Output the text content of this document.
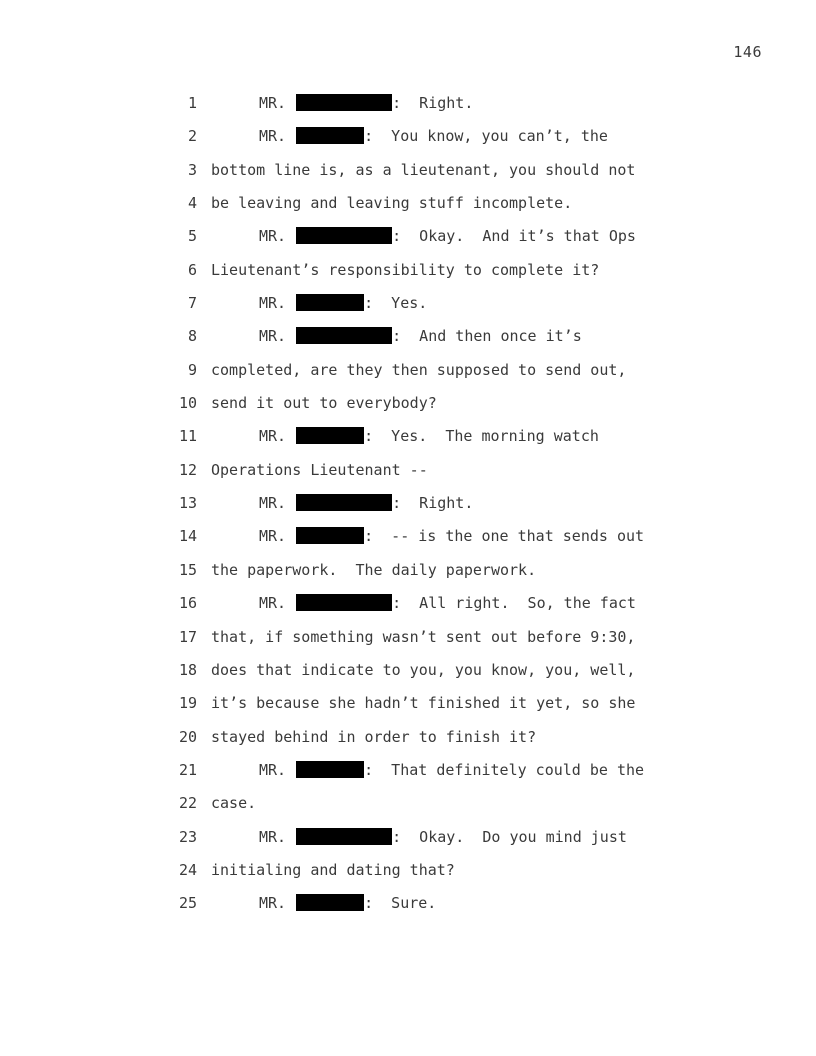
146
1	MR.	:  Right.
2	MR.	:  You know, you can’t, the
3 bottom line is, as a lieutenant, you should not
4 be leaving and leaving stuff incomplete.
5	MR.	:  Okay.  And it’s that Ops
6 Lieutenant’s responsibility to complete it?
7	MR.	:  Yes.
8	MR.	:  And then once it’s
9 completed, are they then supposed to send out,
10 send it out to everybody?
11	MR.	:  Yes.  The morning watch
12 Operations Lieutenant --
13	MR.	:  Right.
14	MR.	:  -- is the one that sends out
15 the paperwork.  The daily paperwork.
16	MR.	:  All right.  So, the fact
17 that, if something wasn’t sent out before 9:30,
18 does that indicate to you, you know, you, well,
19 it’s because she hadn’t finished it yet, so she
20 stayed behind in order to finish it?
21	MR.	:  That definitely could be the
22 case.
23	MR.	:  Okay.  Do you mind just
24 initialing and dating that?
25	MR.	:  Sure.
